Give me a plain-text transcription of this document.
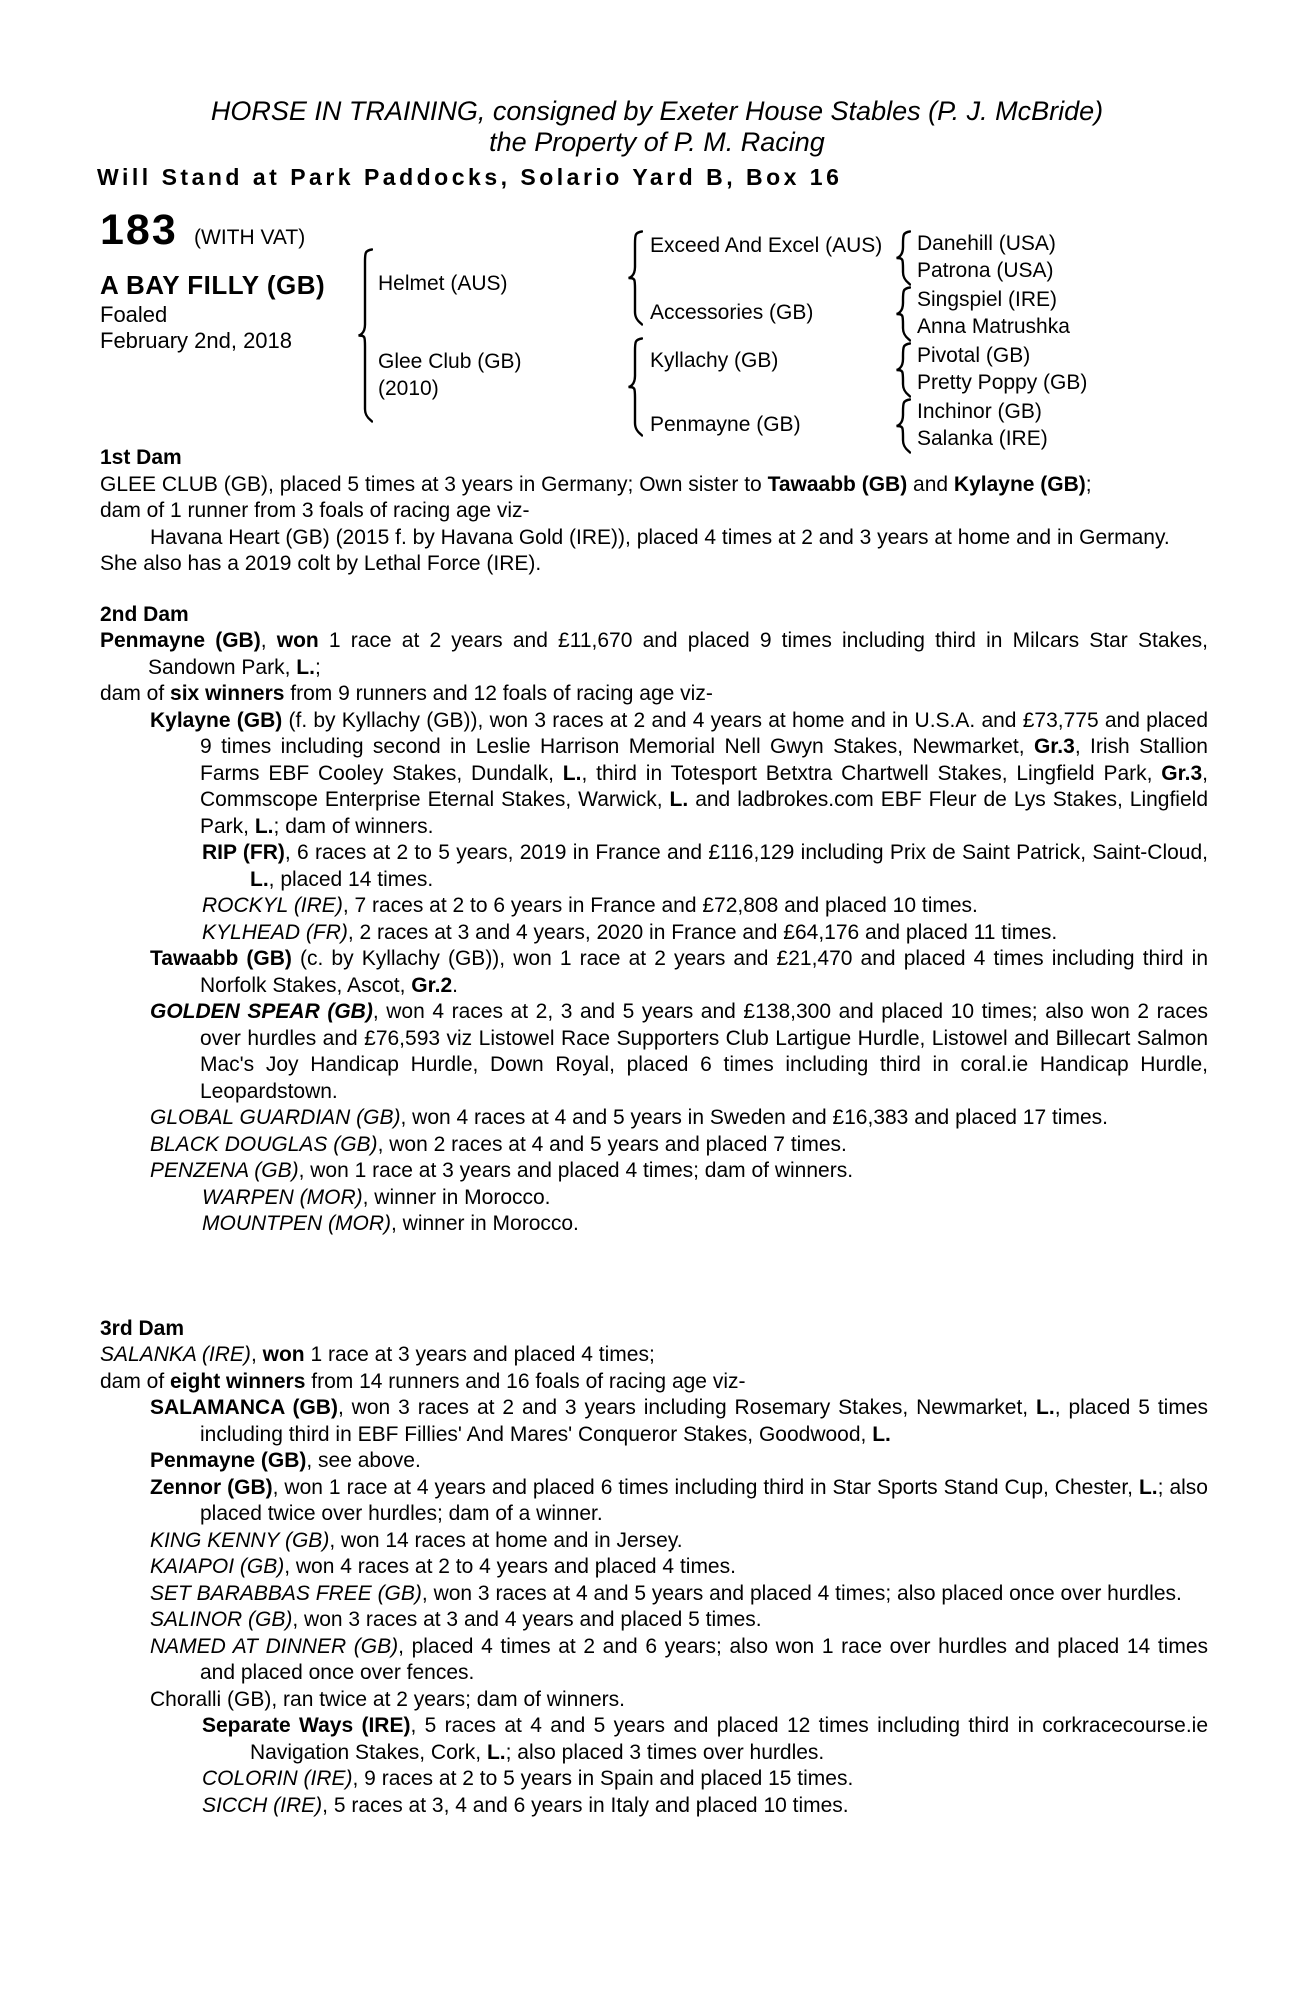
HORSE IN TRAINING, consigned by Exeter House Stables (P. J. McBride)
the Property of P. M. Racing
Will Stand at Park Paddocks, Solario Yard B, Box 16
183 (WITH VAT)
A BAY FILLY (GB)
Foaled
February 2nd, 2018
Helmet (AUS)
Glee Club (GB)
(2010)
Exceed And Excel (AUS)
Accessories (GB)
Kyllachy (GB)
Penmayne (GB)
Danehill (USA)
Patrona (USA)
Singspiel (IRE)
Anna Matrushka
Pivotal (GB)
Pretty Poppy (GB)
Inchinor (GB)
Salanka (IRE)
1st Dam

GLEE CLUB (GB), placed 5 times at 3 years in Germany; Own sister to Tawaabb (GB) and Kylayne (GB);

dam of 1 runner from 3 foals of racing age viz-

Havana Heart (GB) (2015 f. by Havana Gold (IRE)), placed 4 times at 2 and 3 years at home and in Germany.

She also has a 2019 colt by Lethal Force (IRE).

2nd Dam

Penmayne (GB), won 1 race at 2 years and £11,670 and placed 9 times including third in Milcars Star Stakes, Sandown Park, L.;

dam of six winners from 9 runners and 12 foals of racing age viz-

Kylayne (GB) (f. by Kyllachy (GB)), won 3 races at 2 and 4 years at home and in U.S.A. and £73,775 and placed 9 times including second in Leslie Harrison Memorial Nell Gwyn Stakes, Newmarket, Gr.3, Irish Stallion Farms EBF Cooley Stakes, Dundalk, L., third in Totesport Betxtra Chartwell Stakes, Lingfield Park, Gr.3, Commscope Enterprise Eternal Stakes, Warwick, L. and ladbrokes.com EBF Fleur de Lys Stakes, Lingfield Park, L.; dam of winners.

RIP (FR), 6 races at 2 to 5 years, 2019 in France and £116,129 including Prix de Saint Patrick, Saint-Cloud, L., placed 14 times.

ROCKYL (IRE), 7 races at 2 to 6 years in France and £72,808 and placed 10 times.

KYLHEAD (FR), 2 races at 3 and 4 years, 2020 in France and £64,176 and placed 11 times.

Tawaabb (GB) (c. by Kyllachy (GB)), won 1 race at 2 years and £21,470 and placed 4 times including third in Norfolk Stakes, Ascot, Gr.2.

GOLDEN SPEAR (GB), won 4 races at 2, 3 and 5 years and £138,300 and placed 10 times; also won 2 races over hurdles and £76,593 viz Listowel Race Supporters Club Lartigue Hurdle, Listowel and Billecart Salmon Mac's Joy Handicap Hurdle, Down Royal, placed 6 times including third in coral.ie Handicap Hurdle, Leopardstown.

GLOBAL GUARDIAN (GB), won 4 races at 4 and 5 years in Sweden and £16,383 and placed 17 times.

BLACK DOUGLAS (GB), won 2 races at 4 and 5 years and placed 7 times.

PENZENA (GB), won 1 race at 3 years and placed 4 times; dam of winners.

WARPEN (MOR), winner in Morocco.

MOUNTPEN (MOR), winner in Morocco.

3rd Dam

SALANKA (IRE), won 1 race at 3 years and placed 4 times;

dam of eight winners from 14 runners and 16 foals of racing age viz-

SALAMANCA (GB), won 3 races at 2 and 3 years including Rosemary Stakes, Newmarket, L., placed 5 times including third in EBF Fillies' And Mares' Conqueror Stakes, Goodwood, L.

Penmayne (GB), see above.

Zennor (GB), won 1 race at 4 years and placed 6 times including third in Star Sports Stand Cup, Chester, L.; also placed twice over hurdles; dam of a winner.

KING KENNY (GB), won 14 races at home and in Jersey.

KAIAPOI (GB), won 4 races at 2 to 4 years and placed 4 times.

SET BARABBAS FREE (GB), won 3 races at 4 and 5 years and placed 4 times; also placed once over hurdles.

SALINOR (GB), won 3 races at 3 and 4 years and placed 5 times.

NAMED AT DINNER (GB), placed 4 times at 2 and 6 years; also won 1 race over hurdles and placed 14 times and placed once over fences.

Choralli (GB), ran twice at 2 years; dam of winners.

Separate Ways (IRE), 5 races at 4 and 5 years and placed 12 times including third in corkracecourse.ie Navigation Stakes, Cork, L.; also placed 3 times over hurdles.

COLORIN (IRE), 9 races at 2 to 5 years in Spain and placed 15 times.

SICCH (IRE), 5 races at 3, 4 and 6 years in Italy and placed 10 times.
